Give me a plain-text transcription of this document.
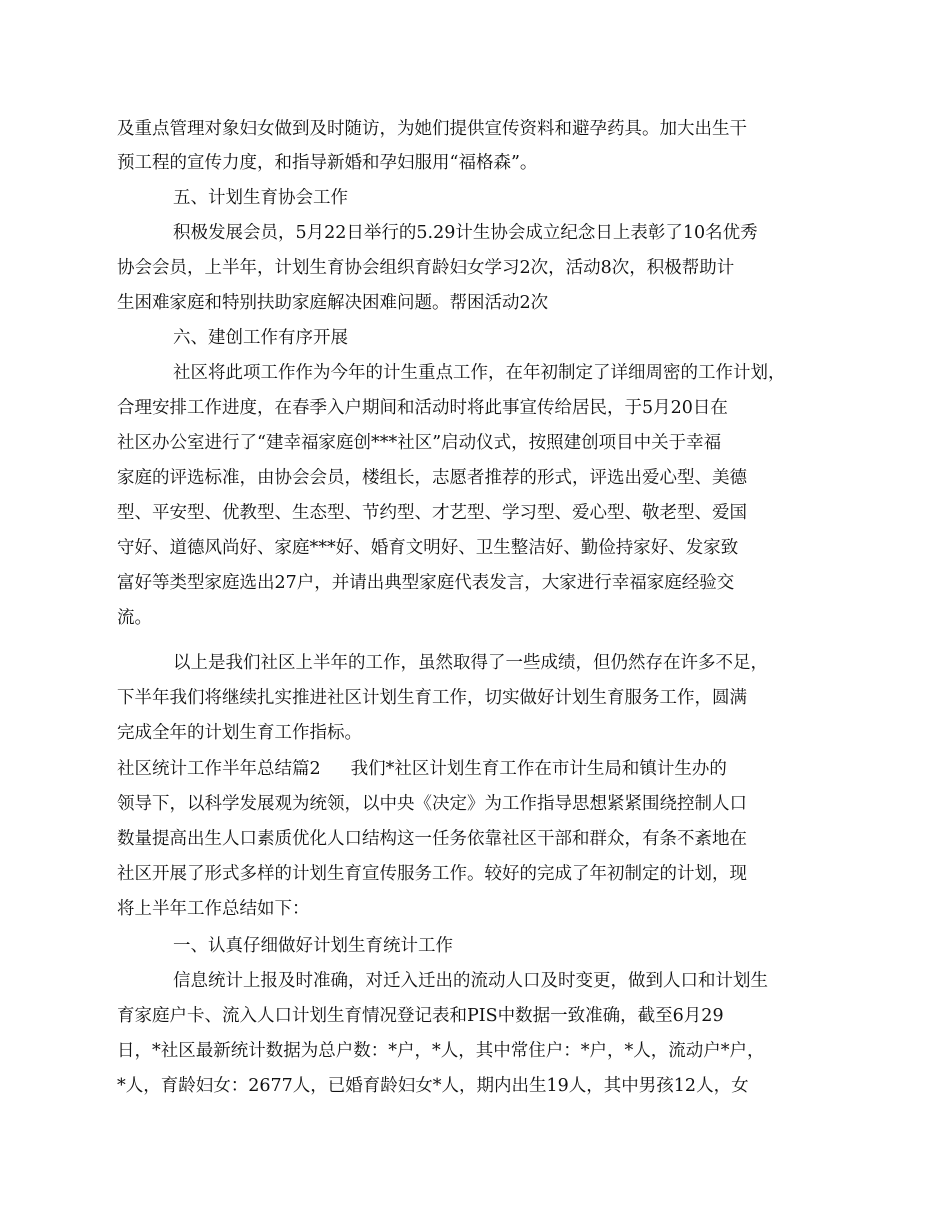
及重点管理对象妇女做到及时随访，为她们提供宣传资料和避孕药具。加大出生干
预工程的宣传力度，和指导新婚和孕妇服用“福格森”。
五、计划生育协会工作
积极发展会员，5月22日举行的5.29计生协会成立纪念日上表彰了10名优秀
协会会员，上半年，计划生育协会组织育龄妇女学习2次，活动8次，积极帮助计
生困难家庭和特别扶助家庭解决困难问题。帮困活动2次
六、建创工作有序开展
社区将此项工作作为今年的计生重点工作，在年初制定了详细周密的工作计划，
合理安排工作进度，在春季入户期间和活动时将此事宣传给居民，于5月20日在
社区办公室进行了“建幸福家庭创***社区”启动仪式，按照建创项目中关于幸福
家庭的评选标准，由协会会员，楼组长，志愿者推荐的形式，评选出爱心型、美德
型、平安型、优教型、生态型、节约型、才艺型、学习型、爱心型、敬老型、爱国
守好、道德风尚好、家庭***好、婚育文明好、卫生整洁好、勤俭持家好、发家致
富好等类型家庭选出27户，并请出典型家庭代表发言，大家进行幸福家庭经验交
流。
以上是我们社区上半年的工作，虽然取得了一些成绩，但仍然存在许多不足，
下半年我们将继续扎实推进社区计划生育工作，切实做好计划生育服务工作，圆满
完成全年的计划生育工作指标。
社区统计工作半年总结篇2 我们*社区计划生育工作在市计生局和镇计生办的
领导下，以科学发展观为统领，以中央《决定》为工作指导思想紧紧围绕控制人口
数量提高出生人口素质优化人口结构这一任务依靠社区干部和群众，有条不紊地在
社区开展了形式多样的计划生育宣传服务工作。较好的完成了年初制定的计划，现
将上半年工作总结如下：
一、认真仔细做好计划生育统计工作
信息统计上报及时准确，对迁入迁出的流动人口及时变更，做到人口和计划生
育家庭户卡、流入人口计划生育情况登记表和PIS中数据一致准确，截至6月29
日，*社区最新统计数据为总户数：*户，*人，其中常住户：*户，*人，流动户*户，
*人，育龄妇女：2677人，已婚育龄妇女*人，期内出生19人，其中男孩12人，女
